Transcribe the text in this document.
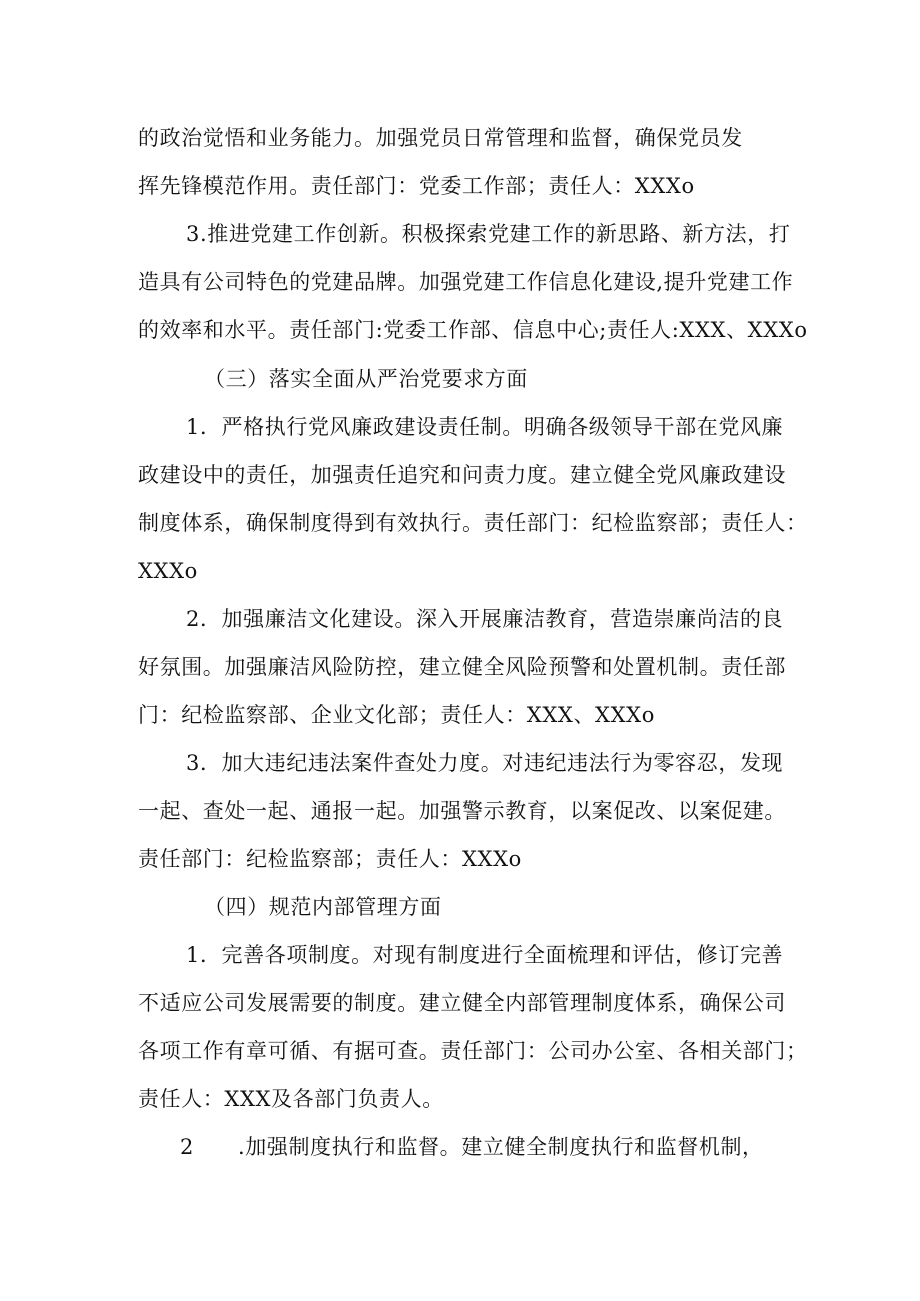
的政治觉悟和业务能力。加强党员日常管理和监督，确保党员发
挥先锋模范作用。责任部门：党委工作部；责任人：XXXo
3.推进党建工作创新。积极探索党建工作的新思路、新方法，打
造具有公司特色的党建品牌。加强党建工作信息化建设,提升党建工作
的效率和水平。责任部门:党委工作部、信息中心;责任人:XXX、XXXo
（三）落实全面从严治党要求方面
1．严格执行党风廉政建设责任制。明确各级领导干部在党风廉
政建设中的责任，加强责任追究和问责力度。建立健全党风廉政建设
制度体系，确保制度得到有效执行。责任部门：纪检监察部；责任人：
XXXo
2．加强廉洁文化建设。深入开展廉洁教育，营造崇廉尚洁的良
好氛围。加强廉洁风险防控，建立健全风险预警和处置机制。责任部
门：纪检监察部、企业文化部；责任人：XXX、XXXo
3．加大违纪违法案件查处力度。对违纪违法行为零容忍，发现
一起、查处一起、通报一起。加强警示教育，以案促改、以案促建。
责任部门：纪检监察部；责任人：XXXo
（四）规范内部管理方面
1．完善各项制度。对现有制度进行全面梳理和评估，修订完善
不适应公司发展需要的制度。建立健全内部管理制度体系，确保公司
各项工作有章可循、有据可查。责任部门：公司办公室、各相关部门；
责任人：XXX及各部门负责人。
2 .加强制度执行和监督。建立健全制度执行和监督机制，
